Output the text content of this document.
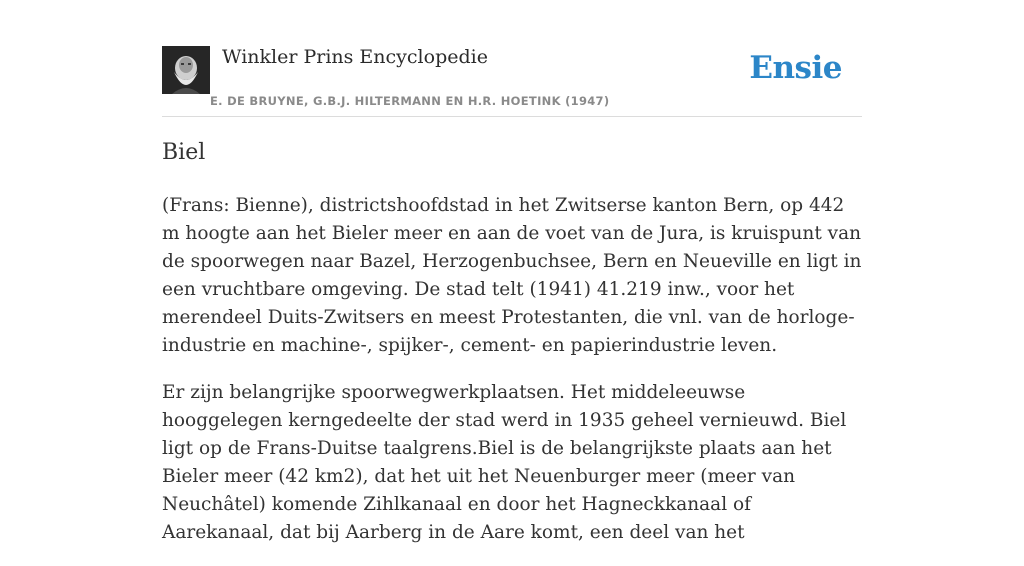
Winkler Prins Encyclopedie
E. DE BRUYNE, G.B.J. HILTERMANN EN H.R. HOETINK (1947)
Ensie
Biel

(Frans: Bienne), districtshoofdstad in het Zwitserse kanton Bern, op 442 m hoogte aan het Bieler meer en aan de voet van de Jura, is kruispunt van de spoorwegen naar Bazel, Herzogenbuchsee, Bern en Neueville en ligt in een vruchtbare omgeving. De stad telt (1941) 41.219 inw., voor het merendeel Duits-Zwitsers en meest Protestanten, die vnl. van de horloge-industrie en machine-, spijker-, cement- en papierindustrie leven.

Er zijn belangrijke spoorwegwerkplaatsen. Het middeleeuwse hooggelegen kerngedeelte der stad werd in 1935 geheel vernieuwd. Biel ligt op de Frans-Duitse taalgrens.Biel is de belangrijkste plaats aan het Bieler meer (42 km2), dat het uit het Neuenburger meer (meer van Neuchâtel) komende Zihlkanaal en door het Hagneckkanaal of Aarekanaal, dat bij Aarberg in de Aare komt, een deel van het
